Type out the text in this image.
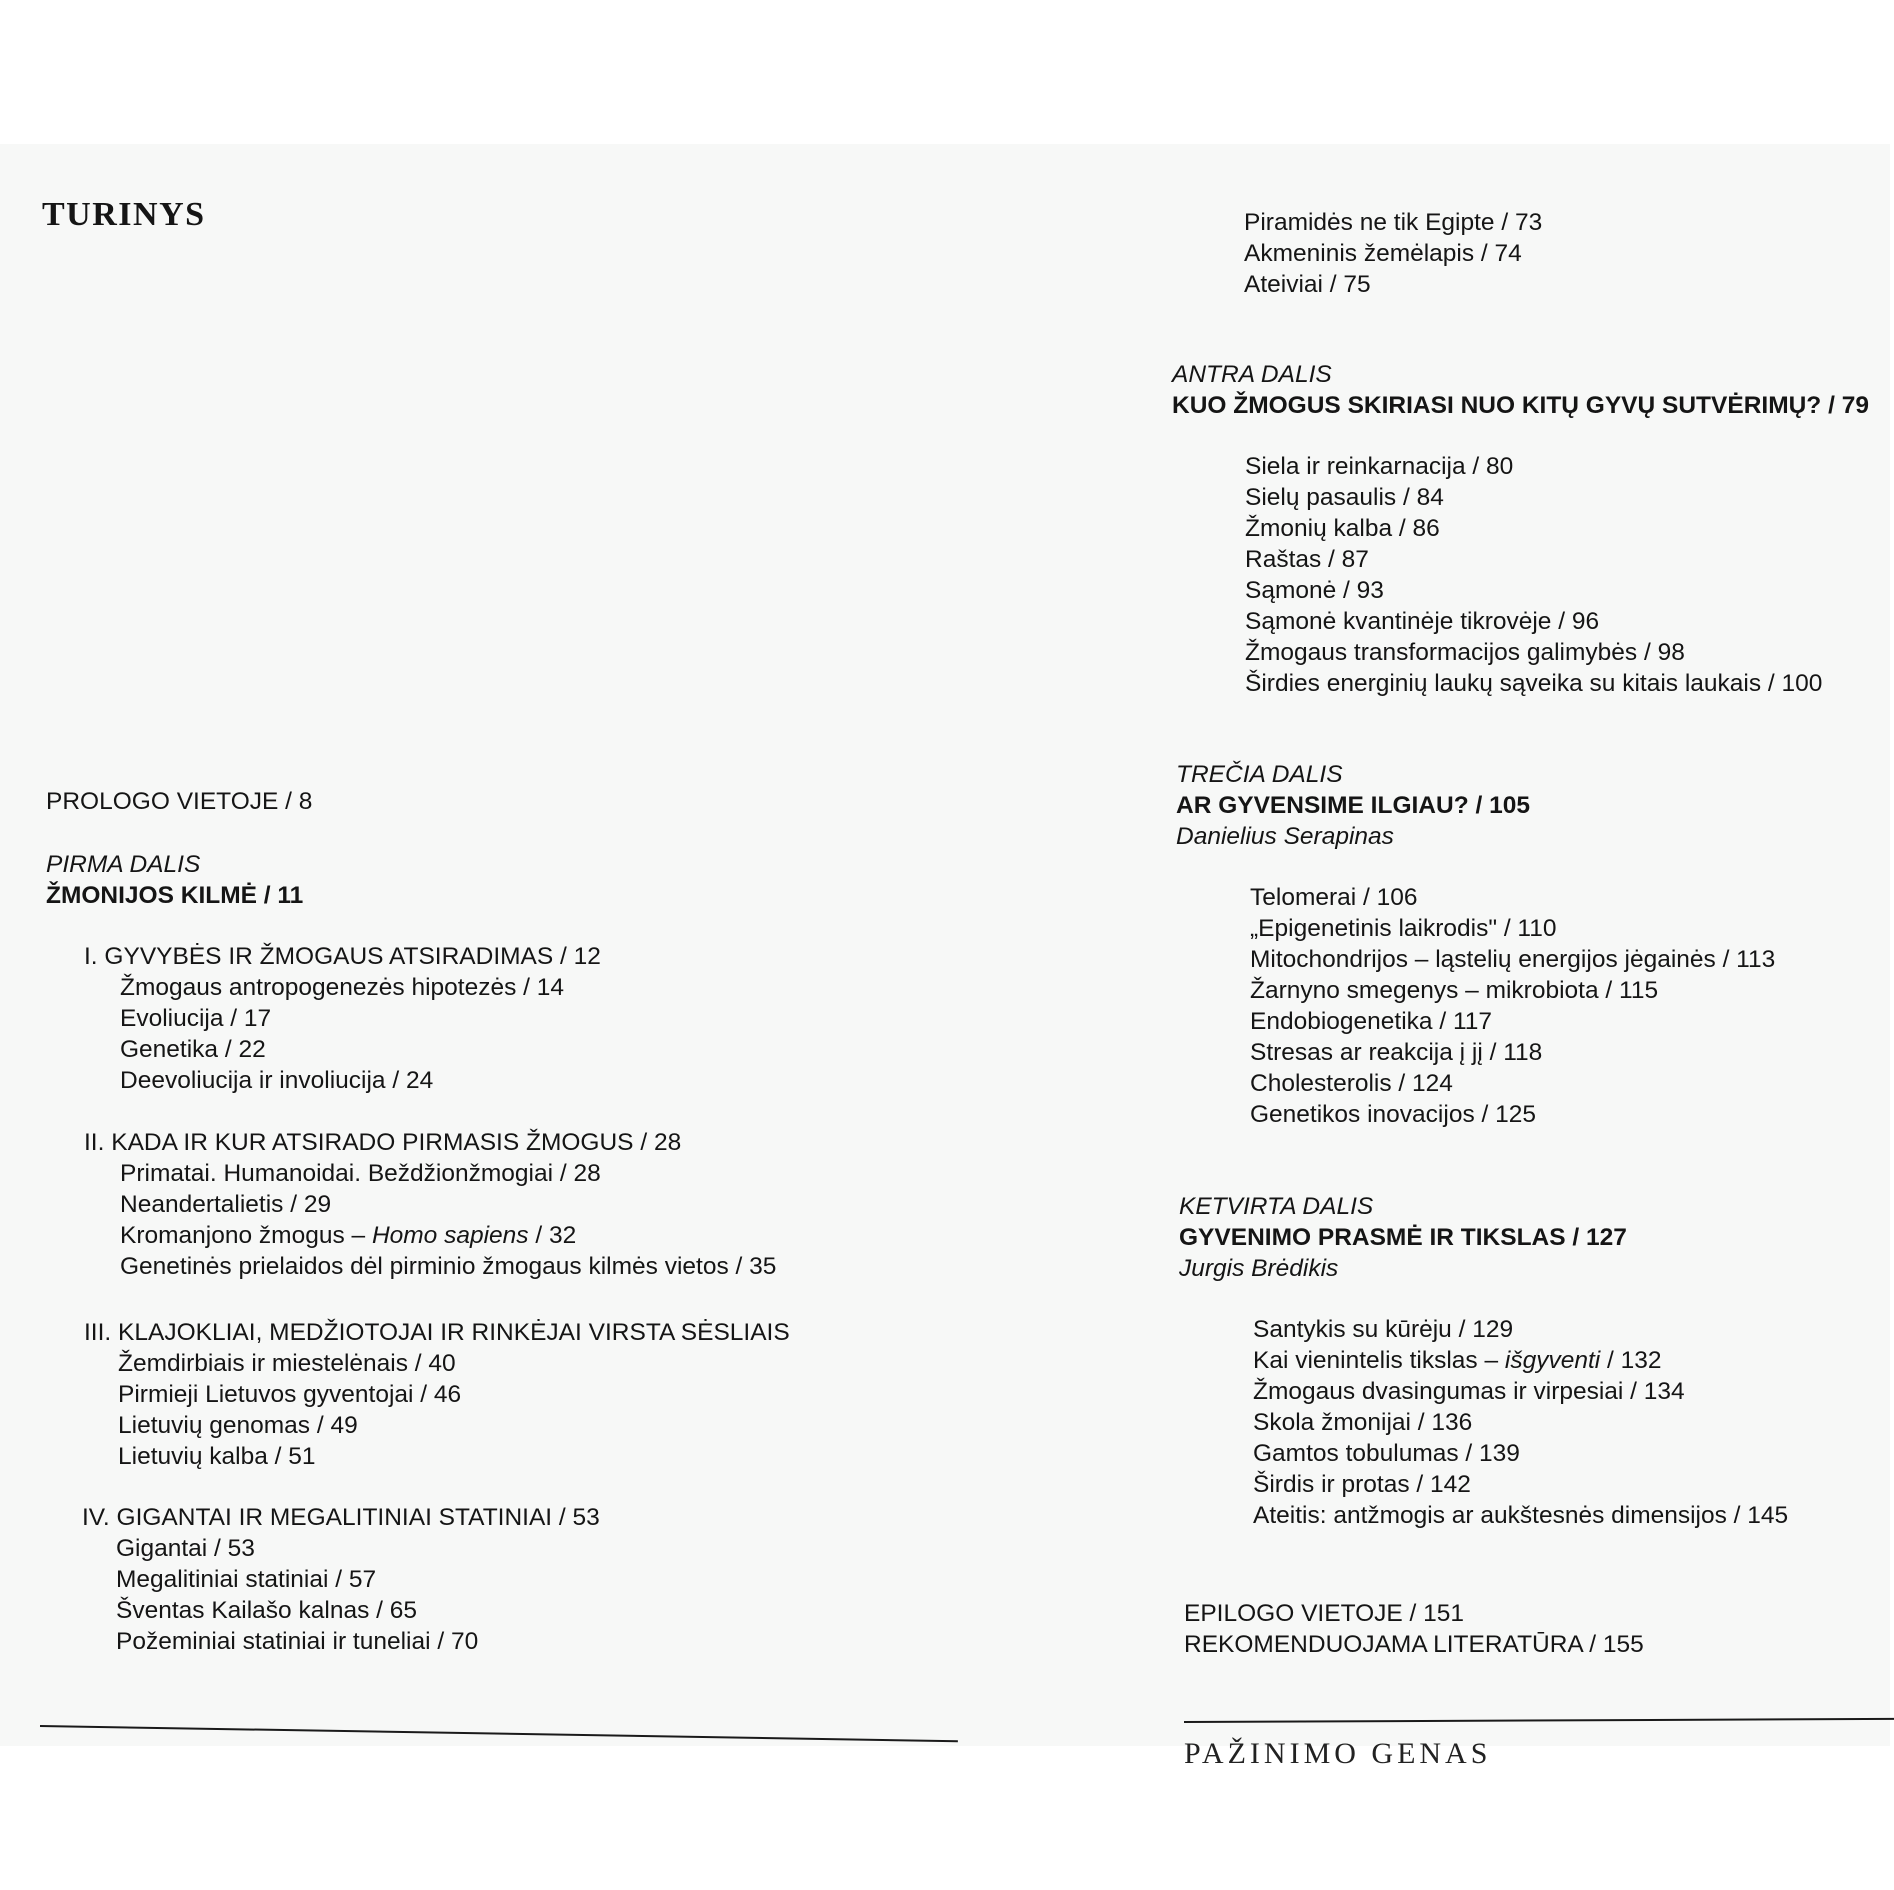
TURINYS
PROLOGO VIETOJE / 8
PIRMA DALIS
ŽMONIJOS KILMĖ / 11
I. GYVYBĖS IR ŽMOGAUS ATSIRADIMAS / 12
Žmogaus antropogenezės hipotezės / 14
Evoliucija / 17
Genetika / 22
Deevoliucija ir involiucija / 24
II. KADA IR KUR ATSIRADO PIRMASIS ŽMOGUS / 28
Primatai. Humanoidai. Beždžionžmogiai / 28
Neandertalietis / 29
Kromanjono žmogus – Homo sapiens / 32
Genetinės prielaidos dėl pirminio žmogaus kilmės vietos / 35
III. KLAJOKLIAI, MEDŽIOTOJAI IR RINKĖJAI VIRSTA SĖSLIAIS
Žemdirbiais ir miestelėnais / 40
Pirmieji Lietuvos gyventojai / 46
Lietuvių genomas / 49
Lietuvių kalba / 51
IV. GIGANTAI IR MEGALITINIAI STATINIAI / 53
Gigantai / 53
Megalitiniai statiniai / 57
Šventas Kailašo kalnas / 65
Požeminiai statiniai ir tuneliai / 70
Piramidės ne tik Egipte / 73
Akmeninis žemėlapis / 74
Ateiviai / 75
ANTRA DALIS
KUO ŽMOGUS SKIRIASI NUO KITŲ GYVŲ SUTVĖRIMŲ? / 79
Siela ir reinkarnacija / 80
Sielų pasaulis / 84
Žmonių kalba / 86
Raštas / 87
Sąmonė / 93
Sąmonė kvantinėje tikrovėje / 96
Žmogaus transformacijos galimybės / 98
Širdies energinių laukų sąveika su kitais laukais / 100
TREČIA DALIS
AR GYVENSIME ILGIAU? / 105
Danielius Serapinas
Telomerai / 106
„Epigenetinis laikrodis" / 110
Mitochondrijos – ląstelių energijos jėgainės / 113
Žarnyno smegenys – mikrobiota / 115
Endobiogenetika / 117
Stresas ar reakcija į jį / 118
Cholesterolis / 124
Genetikos inovacijos / 125
KETVIRTA DALIS
GYVENIMO PRASMĖ IR TIKSLAS / 127
Jurgis Brėdikis
Santykis su kūrėju / 129
Kai vienintelis tikslas – išgyventi / 132
Žmogaus dvasingumas ir virpesiai / 134
Skola žmonijai / 136
Gamtos tobulumas / 139
Širdis ir protas / 142
Ateitis: antžmogis ar aukštesnės dimensijos / 145
EPILOGO VIETOJE / 151
REKOMENDUOJAMA LITERATŪRA / 155
PAŽINIMO GENAS
